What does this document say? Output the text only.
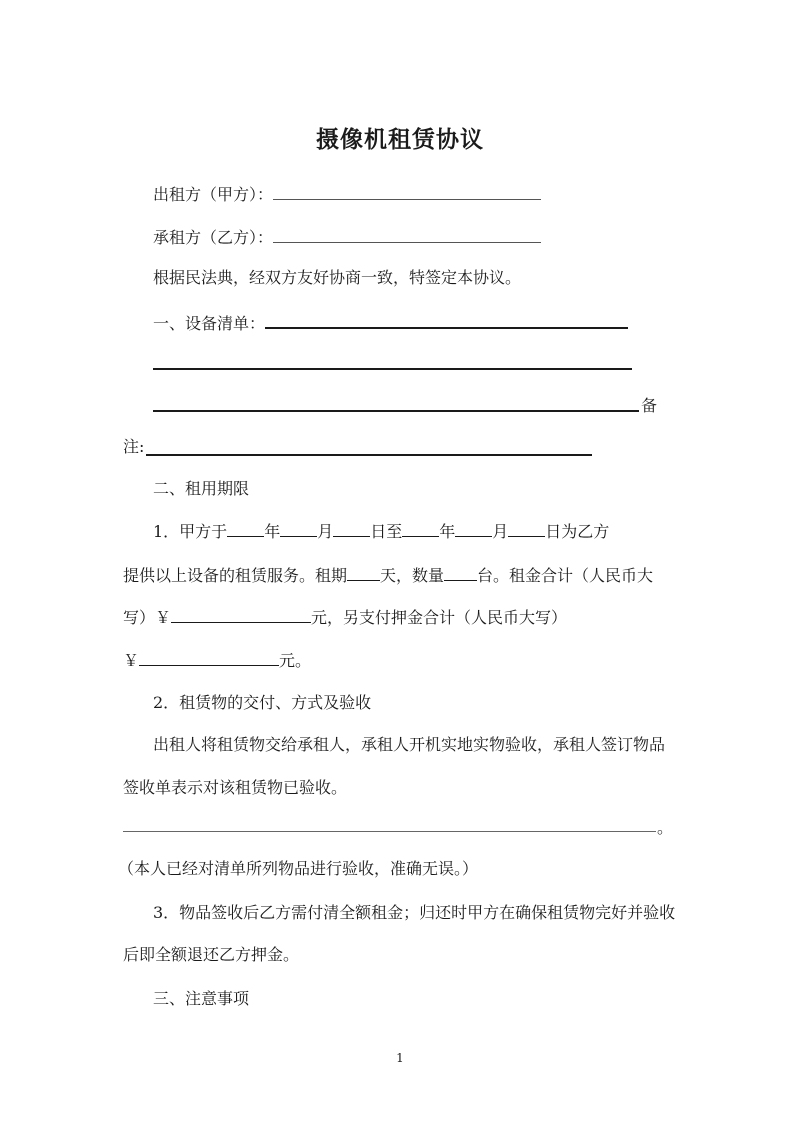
摄像机租赁协议
出租方（甲方）：
承租方（乙方）：
根据民法典，经双方友好协商一致，特签定本协议。
一、设备清单：
备
注:
二、租用期限
1．甲方于 年 月 日至 年 月 日为乙方
提供以上设备的租赁服务。租期 天，数量 台。租金合计（人民币大
写）￥	元，另支付押金合计（人民币大写）
￥	元。
2．租赁物的交付、方式及验收
出租人将租赁物交给承租人，承租人开机实地实物验收，承租人签订物品
签收单表示对该租赁物已验收。
。
（本人已经对清单所列物品进行验收，准确无误。）
3．物品签收后乙方需付清全额租金；归还时甲方在确保租赁物完好并验收
后即全额退还乙方押金。
三、注意事项
1
